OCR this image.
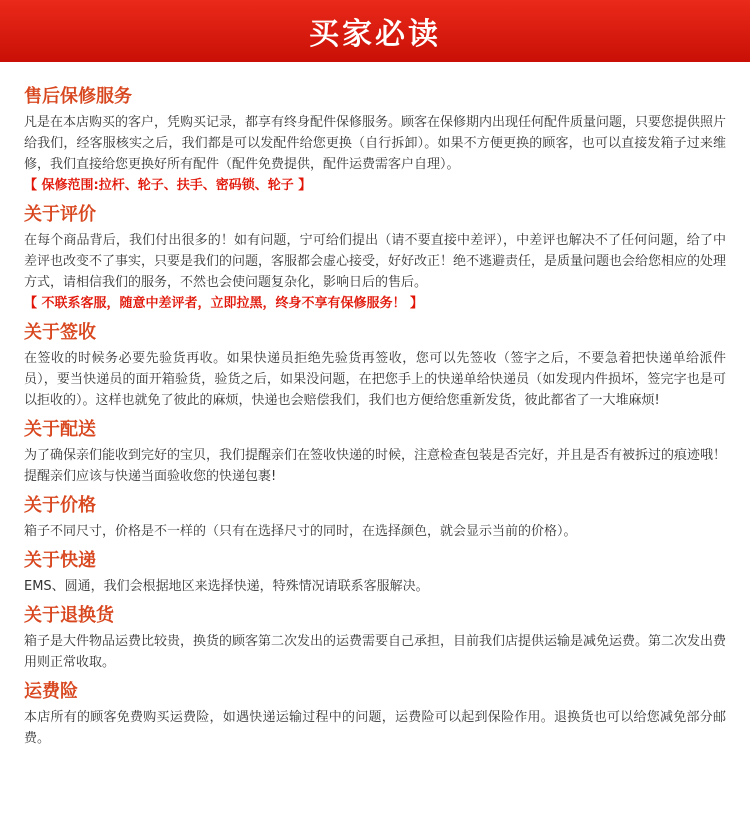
买家必读
售后保修服务

凡是在本店购买的客户，凭购买记录，都享有终身配件保修服务。顾客在保修期内出现任何配件质量问题，只要您提供照片给我们，经客服核实之后，我们都是可以发配件给您更换（自行拆卸）。如果不方便更换的顾客，也可以直接发箱子过来维修，我们直接给您更换好所有配件（配件免费提供，配件运费需客户自理）。

【 保修范围:拉杆、轮子、扶手、密码锁、轮子 】

关于评价

在每个商品背后，我们付出很多的！如有问题，宁可给们提出（请不要直接中差评），中差评也解决不了任何问题，给了中差评也改变不了事实，只要是我们的问题，客服都会虚心接受，好好改正！绝不逃避责任，是质量问题也会给您相应的处理方式，请相信我们的服务，不然也会使问题复杂化，影响日后的售后。

【 不联系客服，随意中差评者，立即拉黑，终身不享有保修服务！ 】

关于签收

在签收的时候务必要先验货再收。如果快递员拒绝先验货再签收，您可以先签收（签字之后，不要急着把快递单给派件员），要当快递员的面开箱验货，验货之后，如果没问题，在把您手上的快递单给快递员（如发现内件损坏，签完字也是可以拒收的）。这样也就免了彼此的麻烦，快递也会赔偿我们，我们也方便给您重新发货，彼此都省了一大堆麻烦!

关于配送

为了确保亲们能收到完好的宝贝，我们提醒亲们在签收快递的时候，注意检查包装是否完好，并且是否有被拆过的痕迹哦！提醒亲们应该与快递当面验收您的快递包裹!

关于价格

箱子不同尺寸，价格是不一样的（只有在选择尺寸的同时，在选择颜色，就会显示当前的价格）。

关于快递

EMS、圆通，我们会根据地区来选择快递，特殊情况请联系客服解决。

关于退换货

箱子是大件物品运费比较贵，换货的顾客第二次发出的运费需要自己承担，目前我们店提供运输是减免运费。第二次发出费用则正常收取。

运费险

本店所有的顾客免费购买运费险，如遇快递运输过程中的问题，运费险可以起到保险作用。退换货也可以给您减免部分邮费。
